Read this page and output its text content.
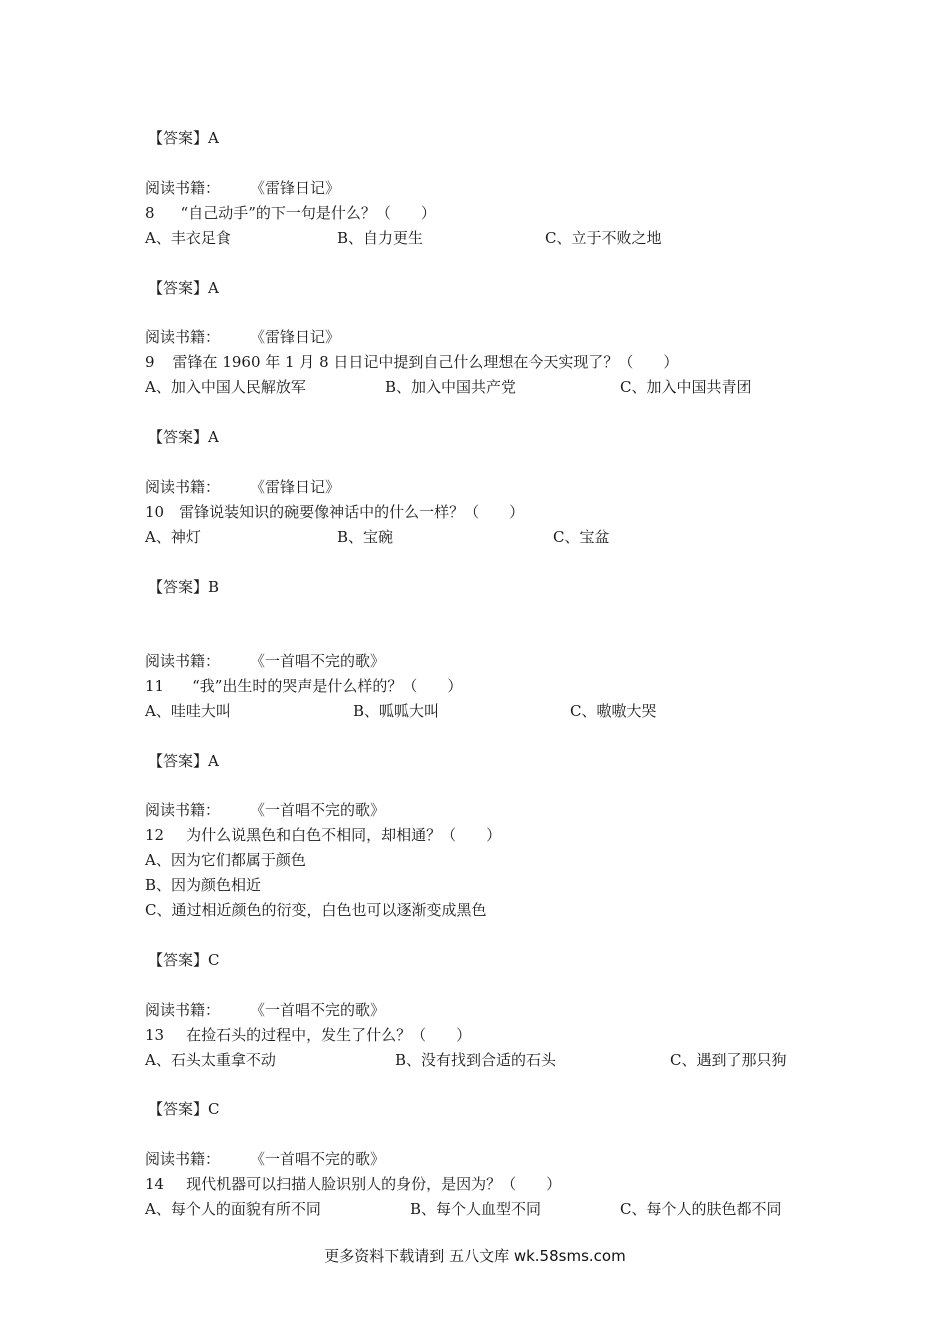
【答案】A
阅读书籍： 《雷锋日记》
8 “自己动手”的下一句是什么？（　　）
A、丰衣足食	B、自力更生	C、立于不败之地
【答案】A
阅读书籍： 《雷锋日记》
9 雷锋在 1960 年 1 月 8 日日记中提到自己什么理想在今天实现了？（　　）
A、加入中国人民解放军	B、加入中国共产党	C、加入中国共青团
【答案】A
阅读书籍： 《雷锋日记》
10 雷锋说装知识的碗要像神话中的什么一样？（　　）
A、神灯	B、宝碗	C、宝盆
【答案】B
阅读书籍： 《一首唱不完的歌》
11 “我”出生时的哭声是什么样的？（　　）
A、哇哇大叫	B、呱呱大叫	C、嗷嗷大哭
【答案】A
阅读书籍： 《一首唱不完的歌》
12 为什么说黑色和白色不相同，却相通？（　　）
A、因为它们都属于颜色
B、因为颜色相近
C、通过相近颜色的衍变，白色也可以逐渐变成黑色
【答案】C
阅读书籍： 《一首唱不完的歌》
13 在捡石头的过程中，发生了什么？（　　）
A、石头太重拿不动	B、没有找到合适的石头	C、遇到了那只狗
【答案】C
阅读书籍： 《一首唱不完的歌》
14 现代机器可以扫描人脸识别人的身份，是因为？（　　）
A、每个人的面貌有所不同	B、每个人血型不同	C、每个人的肤色都不同
更多资料下载请到 五八文库 wk.58sms.com
